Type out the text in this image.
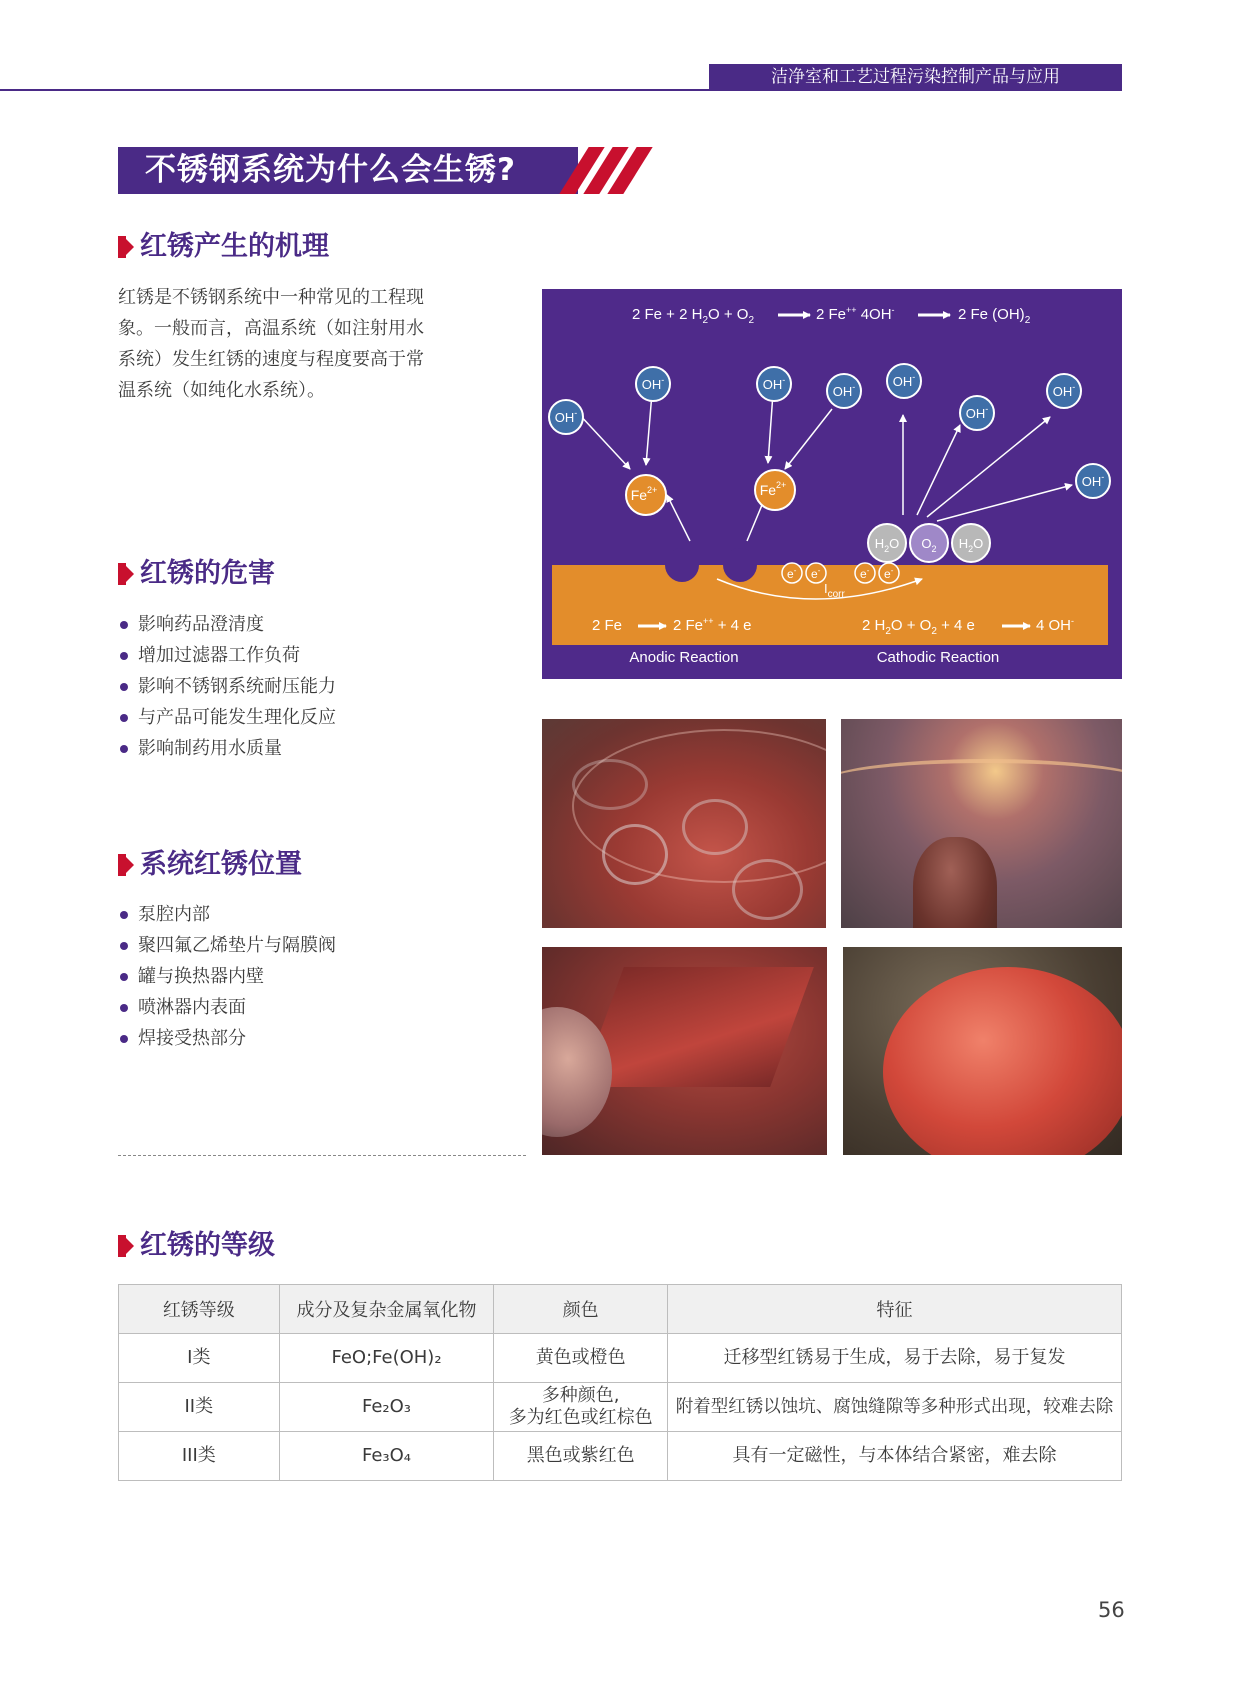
洁净室和工艺过程污染控制产品与应用
不锈钢系统为什么会生锈?
红锈产生的机理
红锈是不锈钢系统中一种常见的工程现象。一般而言，高温系统（如注射用水系统）发生红锈的速度与程度要高于常温系统（如纯化水系统）。
红锈的危害
影响药品澄清度
增加过滤器工作负荷
影响不锈钢系统耐压能力
与产品可能发生理化反应
影响制药用水质量
系统红锈位置
泵腔内部
聚四氟乙烯垫片与隔膜阀
罐与换热器内壁
喷淋器内表面
焊接受热部分
2 Fe + 2 $H_2O + O_2$	2 Fe++ 4OH-	2 Fe $(OH)_2$
$I_{corr}$
e- e-	e- e-
2 Fe	2 Fe++ + 4 e	2 $H_2O + O_2 + 4$ e	4 OH-
Anodic Reaction	Cathodic Reaction
OH-
OH-	OH-
OH-	OH-
OH-
OH-
OH-
$Fe^{2+}$	$Fe^{2+}$
$H_2O$ $O_2$ $H_2O$
红锈的等级
红锈等级	成分及复杂金属氧化物	颜色	特征
I类	FeO;Fe(OH)₂	黄色或橙色	迁移型红锈易于生成，易于去除，易于复发
II类	Fe₂O₃	多种颜色,
多为红色或红棕色	附着型红锈以蚀坑、腐蚀缝隙等多种形式出现，较难去除
III类	Fe₃O₄	黑色或紫红色	具有一定磁性，与本体结合紧密，难去除
56
